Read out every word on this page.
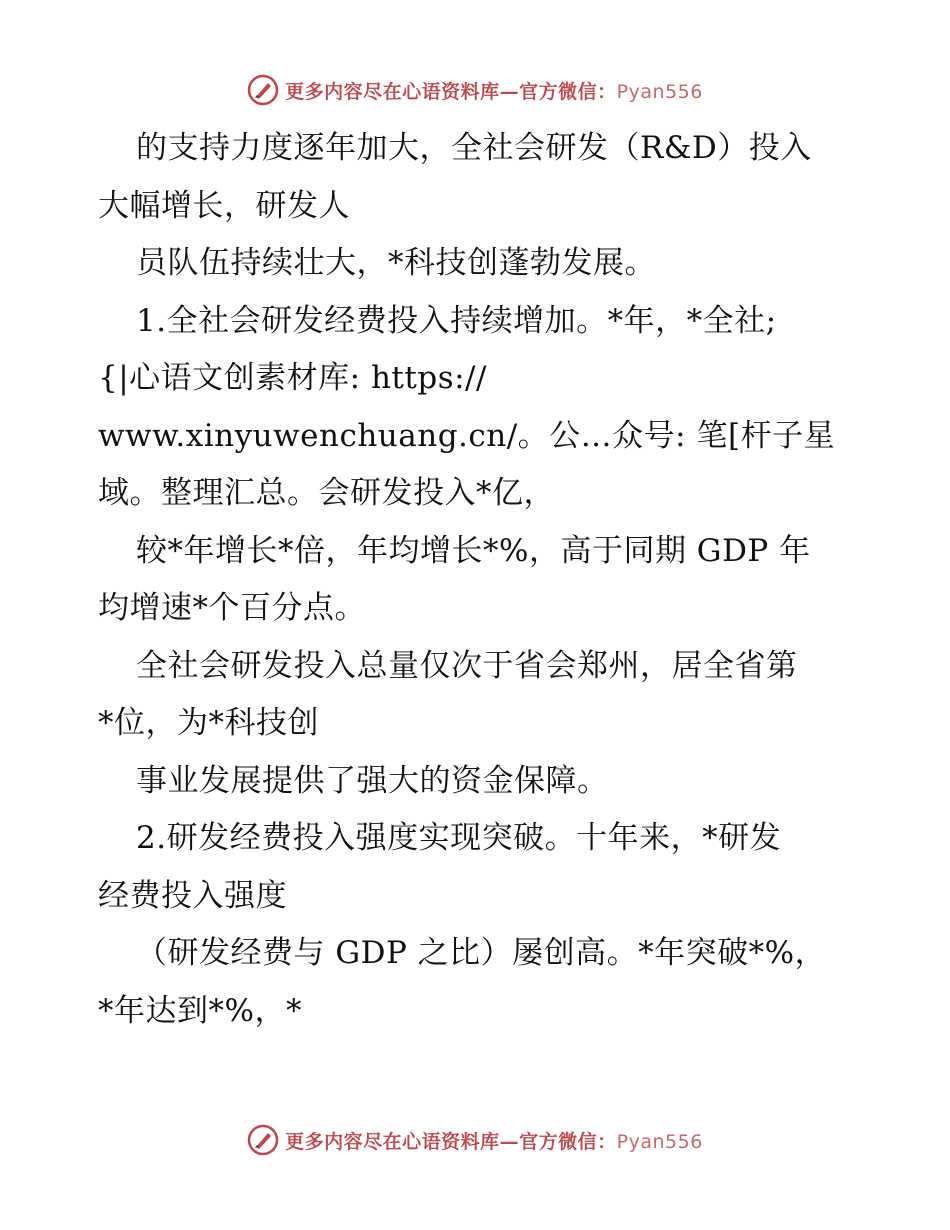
更多内容尽在心语资料库—官方微信：Pyan556
的支持力度逐年加大，全社会研发（R&D）投入
大幅增长，研发人
员队伍持续壮大，*科技创蓬勃发展。
1.全社会研发经费投入持续增加。*年，*全社;
{|心语文创素材库: https://
www.xinyuwenchuang.cn/。公…众号: 笔[杆子星
域。整理汇总。会研发投入*亿，
较*年增长*倍，年均增长*%，高于同期 GDP 年
均增速*个百分点。
全社会研发投入总量仅次于省会郑州，居全省第
*位，为*科技创
事业发展提供了强大的资金保障。
2.研发经费投入强度实现突破。十年来，*研发
经费投入强度
（研发经费与 GDP 之比）屡创高。*年突破*%，
*年达到*%，*
更多内容尽在心语资料库—官方微信：Pyan556
